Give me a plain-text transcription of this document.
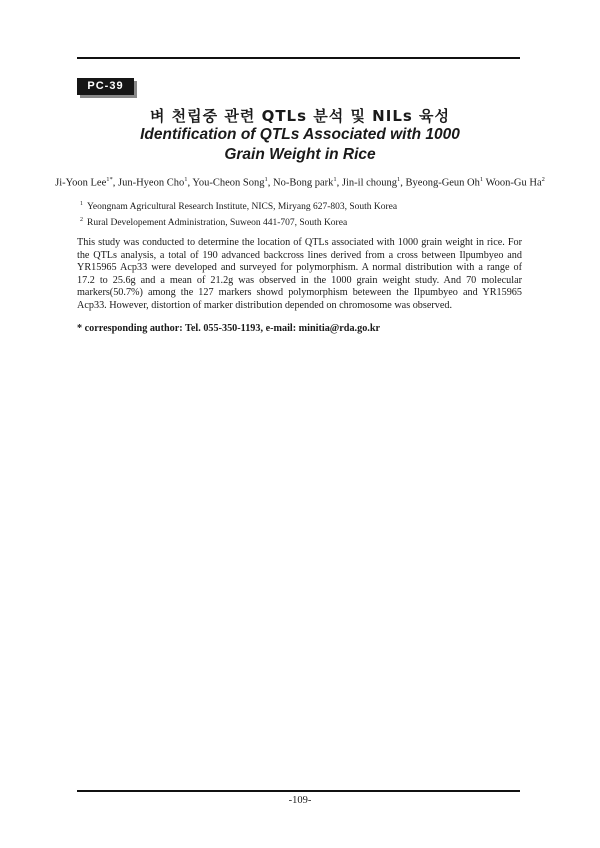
PC-39
벼 천립중 관련 QTLs 분석 및 NILs 육성
Identification of QTLs Associated with 1000
Grain Weight in Rice
Ji-Yoon Lee$^{1*}$, Jun-Hyeon Cho$^1$, You-Cheon Song$^1$, No-Bong park$^1$, Jin-il choung$^1$, Byeong-Geun Oh$^1$ Woon-Gu Ha$^2$
$^1$ Yeongnam Agricultural Research Institute, NICS, Miryang 627-803, South Korea
$^2$ Rural Developement Administration, Suweon 441-707, South Korea
This study was conducted to determine the location of QTLs associated with 1000 grain weight in rice. For the QTLs analysis, a total of 190 advanced backcross lines derived from a cross between Ilpumbyeo and YR15965 Acp33 were developed and surveyed for polymorphism. A normal distribution with a range of 17.2 to 25.6g and a mean of 21.2g was observed in the 1000 grain weight study. And 70 molecular markers(50.7%) among the 127 markers showd polymorphism beteween the Ilpumbyeo and YR15965 Acp33. However, distortion of marker distribution depended on chromosome was observed.
* corresponding author: Tel. 055-350-1193, e-mail: minitia@rda.go.kr
-109-
